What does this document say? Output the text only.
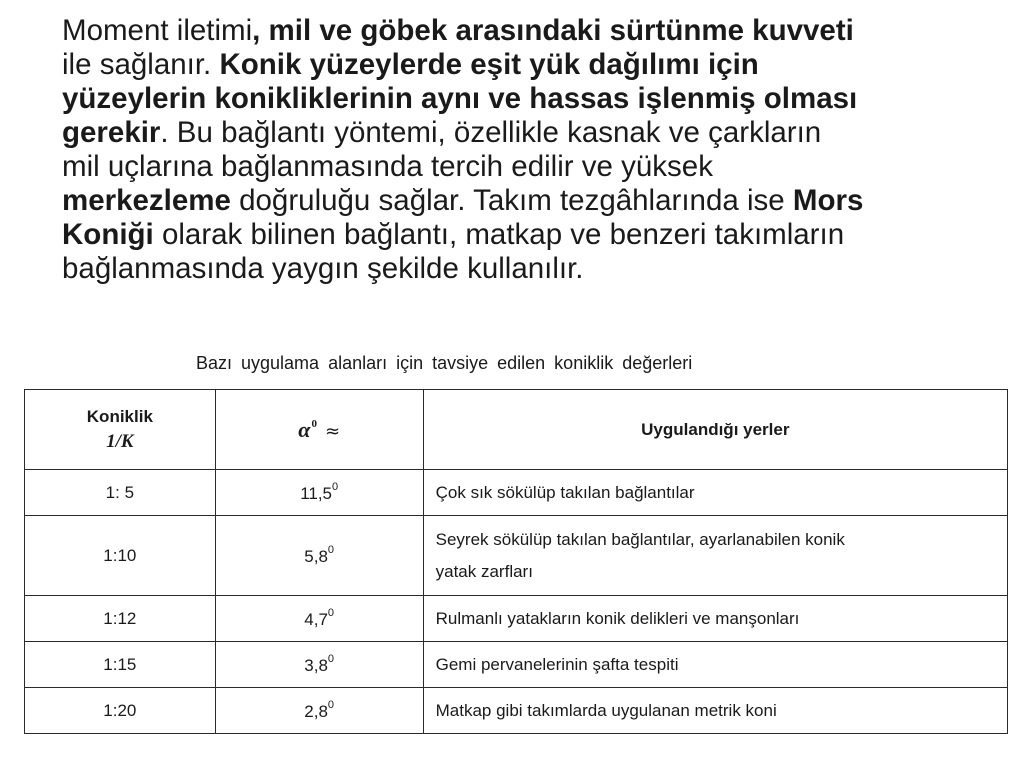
Moment iletimi, mil ve göbek arasındaki sürtünme kuvveti
ile sağlanır. Konik yüzeylerde eşit yük dağılımı için
yüzeylerin konikliklerinin aynı ve hassas işlenmiş olması
gerekir. Bu bağlantı yöntemi, özellikle kasnak ve çarkların
mil uçlarına bağlanmasında tercih edilir ve yüksek
merkezleme doğruluğu sağlar. Takım tezgâhlarında ise Mors
Koniği olarak bilinen bağlantı, matkap ve benzeri takımların
bağlanmasında yaygın şekilde kullanılır.
Bazı uygulama alanları için tavsiye edilen koniklik değerleri
Koniklik
1/K	$\alpha^0$ ≈	Uygulandığı yerler
1: 5	11,5$^0$	Çok sık sökülüp takılan bağlantılar
1:10	$5,8^0$	Seyrek sökülüp takılan bağlantılar, ayarlanabilen konik
yatak zarfları

1:12	$4,7^0$	Rulmanlı yatakların konik delikleri ve manşonları
1:15	$3,8^0$	Gemi pervanelerinin şafta tespiti
1:20	$2,8^0$	Matkap gibi takımlarda uygulanan metrik koni
